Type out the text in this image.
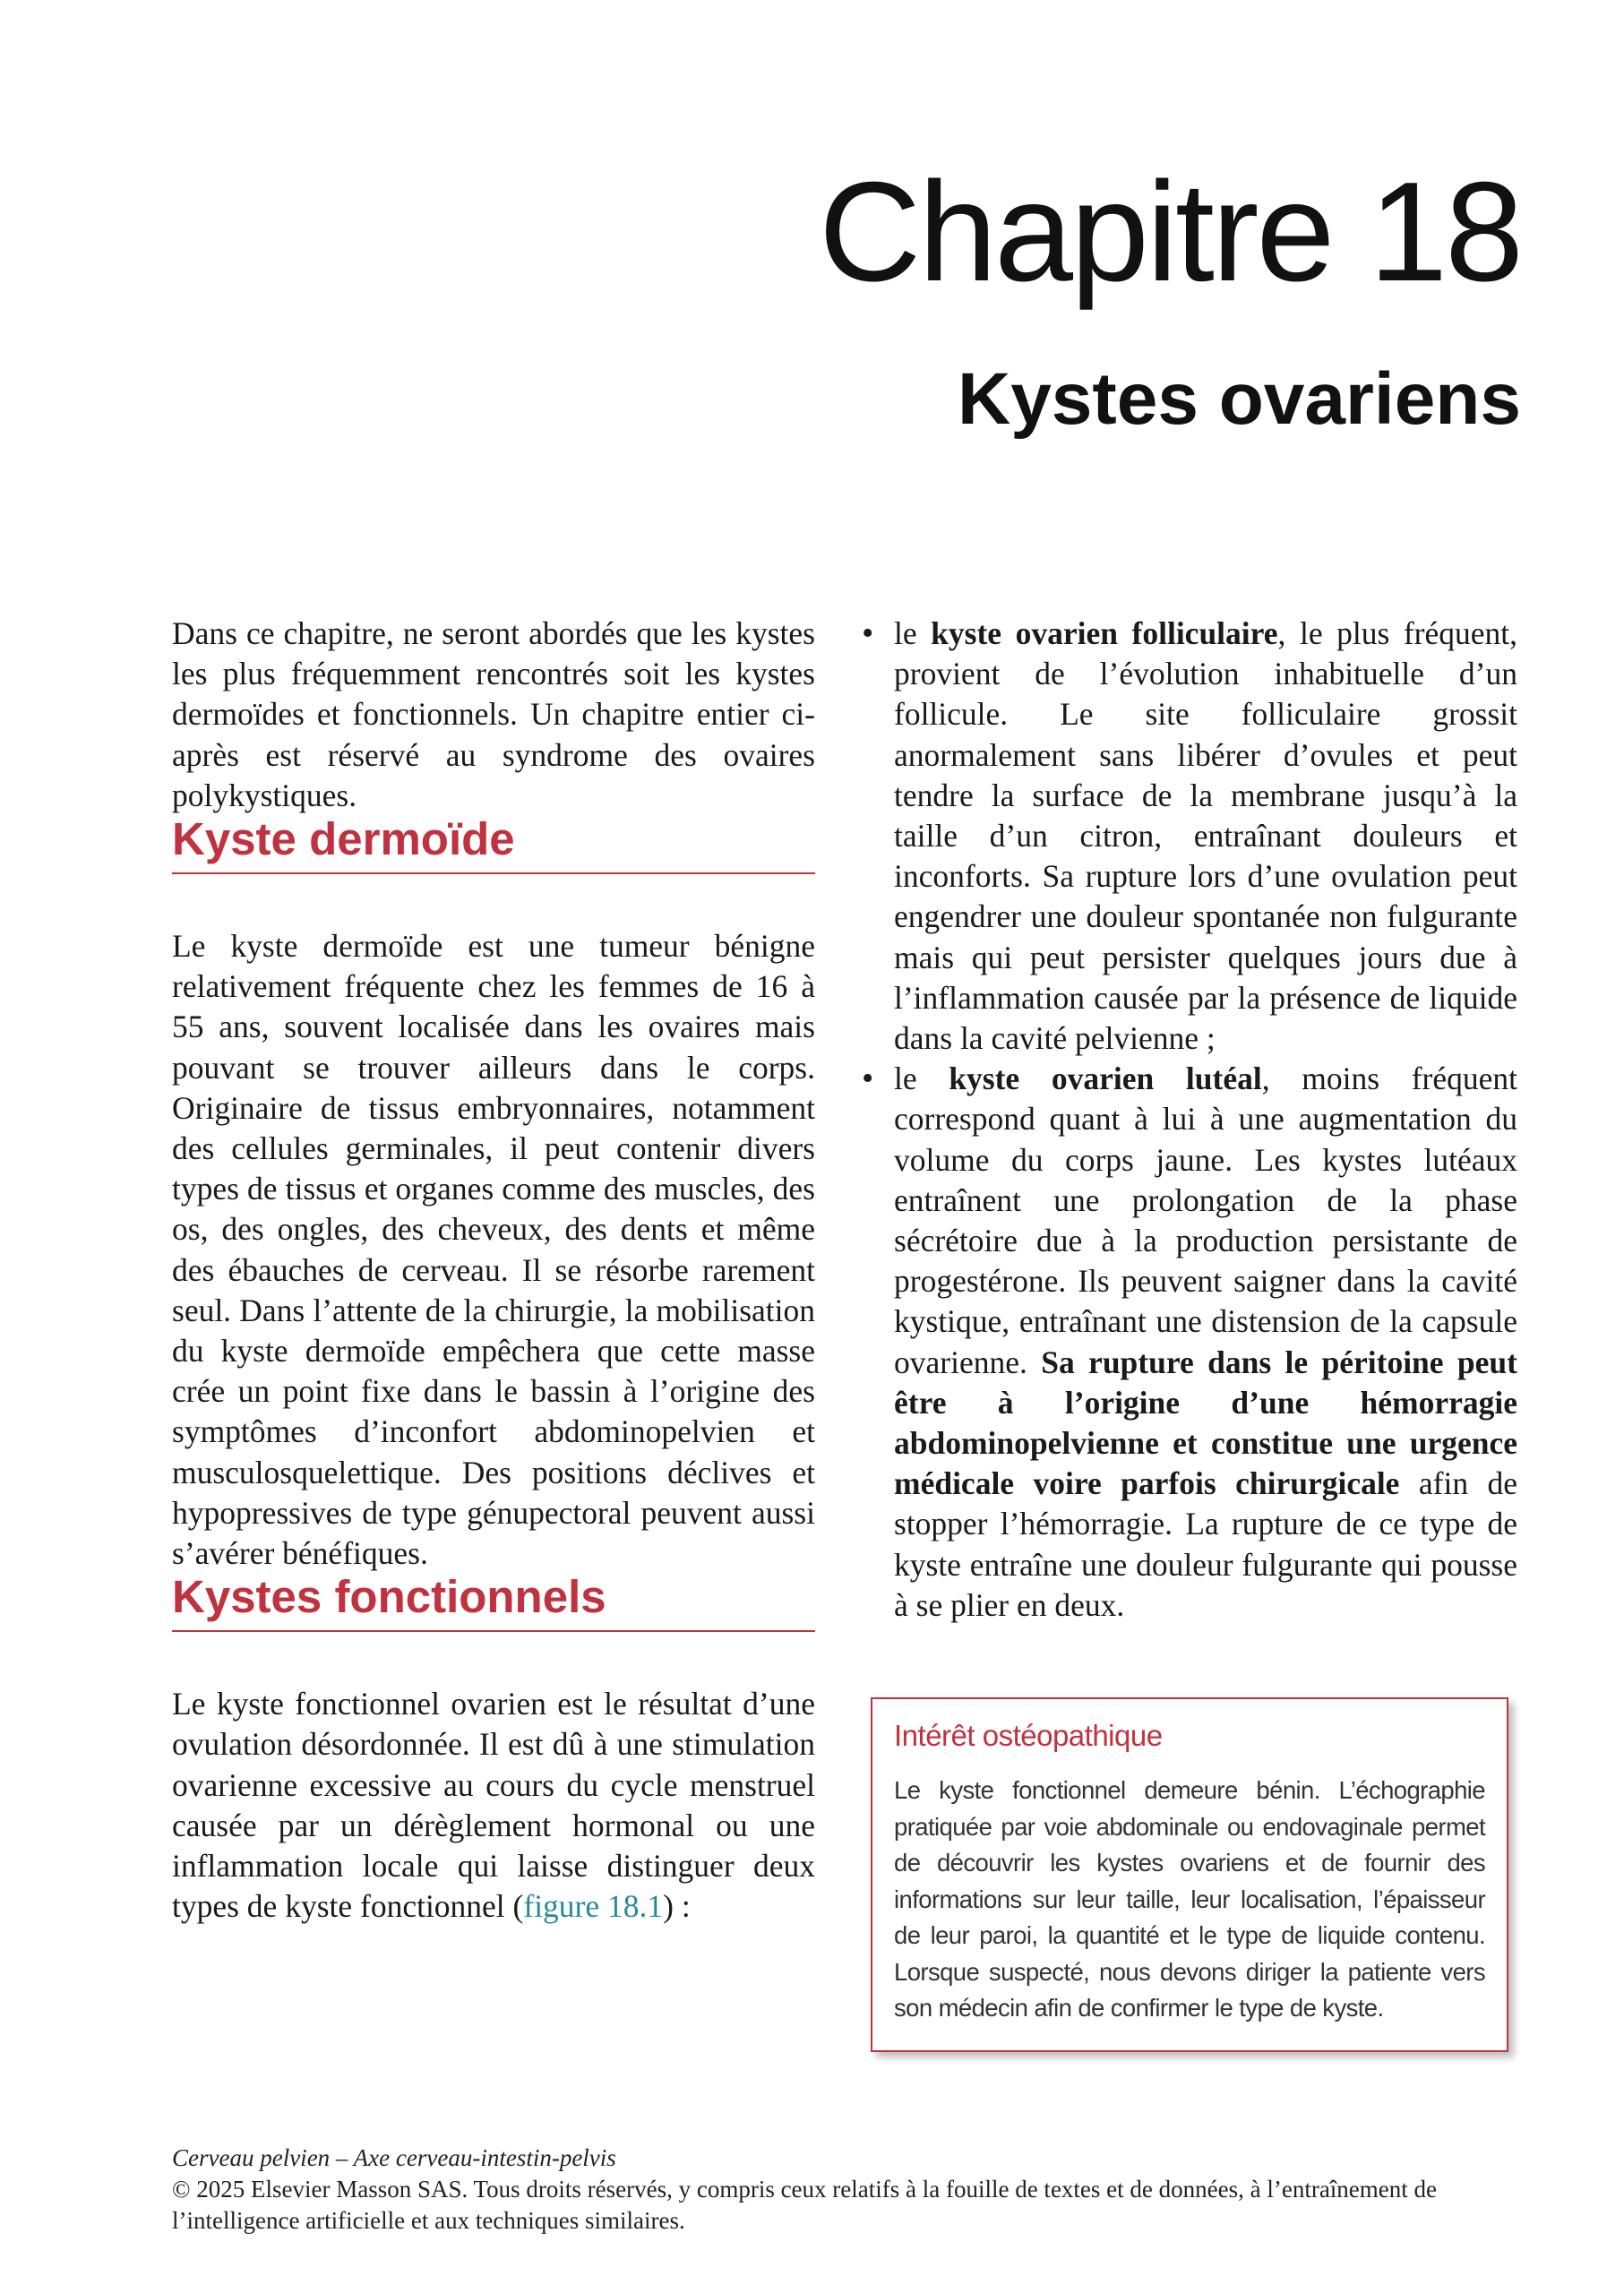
Chapitre 18
Kystes ovariens

Dans ce chapitre, ne seront abordés que les kystes les plus fréquemment rencontrés soit les kystes dermoïdes et fonctionnels. Un chapitre entier ci-après est réservé au syndrome des ovaires polykystiques.

Kyste dermoïde

Le kyste dermoïde est une tumeur bénigne relativement fréquente chez les femmes de 16 à 55 ans, souvent localisée dans les ovaires mais pouvant se trouver ailleurs dans le corps. Originaire de tissus embryonnaires, notamment des cellules germinales, il peut contenir divers types de tissus et organes comme des muscles, des os, des ongles, des cheveux, des dents et même des ébauches de cerveau. Il se résorbe rarement seul. Dans l’attente de la chirurgie, la mobilisation du kyste dermoïde empêchera que cette masse crée un point fixe dans le bassin à l’origine des symptômes d’inconfort abdominopelvien et musculosquelettique. Des positions déclives et hypopressives de type génupectoral peuvent aussi s’avérer bénéfiques.

Kystes fonctionnels

Le kyste fonctionnel ovarien est le résultat d’une ovulation désordonnée. Il est dû à une stimulation ovarienne excessive au cours du cycle menstruel causée par un dérèglement hormonal ou une inflammation locale qui laisse distinguer deux types de kyste fonctionnel (figure 18.1) :

• le kyste ovarien folliculaire, le plus fréquent, provient de l’évolution inhabituelle d’un follicule. Le site folliculaire grossit anormalement sans libérer d’ovules et peut tendre la surface de la membrane jusqu’à la taille d’un citron, entraînant douleurs et inconforts. Sa rupture lors d’une ovulation peut engendrer une douleur spontanée non fulgurante mais qui peut persister quelques jours due à l’inflammation causée par la présence de liquide dans la cavité pelvienne ;
• le kyste ovarien lutéal, moins fréquent correspond quant à lui à une augmentation du volume du corps jaune. Les kystes lutéaux entraînent une prolongation de la phase sécrétoire due à la production persistante de progestérone. Ils peuvent saigner dans la cavité kystique, entraînant une distension de la capsule ovarienne. Sa rupture dans le péritoine peut être à l’origine d’une hémorragie abdominopelvienne et constitue une urgence médicale voire parfois chirurgicale afin de stopper l’hémorragie. La rupture de ce type de kyste entraîne une douleur fulgurante qui pousse à se plier en deux.
Intérêt ostéopathique

Le kyste fonctionnel demeure bénin. L’échographie pratiquée par voie abdominale ou endovaginale permet de découvrir les kystes ovariens et de fournir des informations sur leur taille, leur localisation, l’épaisseur de leur paroi, la quantité et le type de liquide contenu. Lorsque suspecté, nous devons diriger la patiente vers son médecin afin de confirmer le type de kyste.

Cerveau pelvien – Axe cerveau-intestin-pelvis
© 2025 Elsevier Masson SAS. Tous droits réservés, y compris ceux relatifs à la fouille de textes et de données, à l’entraînement de l’intelligence artificielle et aux techniques similaires.
